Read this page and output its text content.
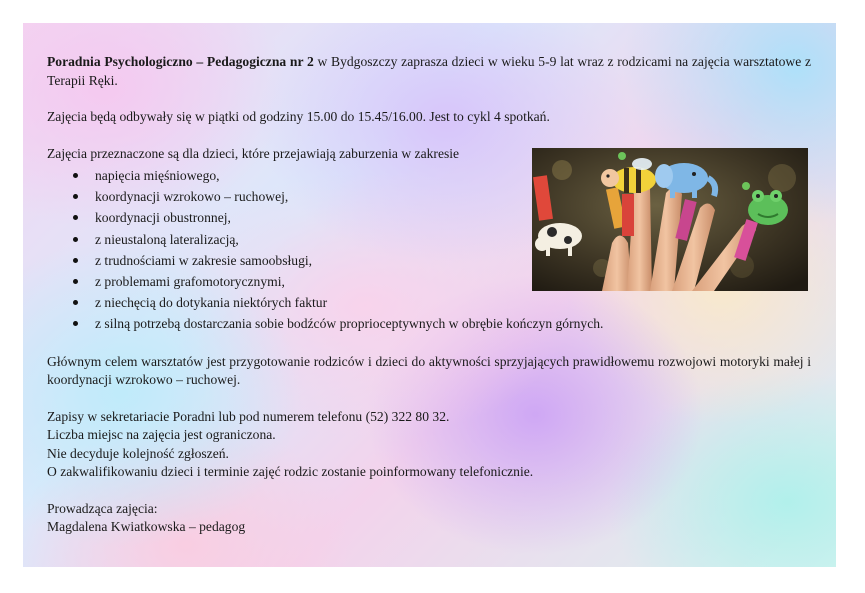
Poradnia Psychologiczno – Pedagogiczna nr 2 w Bydgoszczy zaprasza dzieci w wieku 5-9 lat wraz z rodzicami na zajęcia warsztatowe z Terapii Ręki.

Zajęcia będą odbywały się w piątki od godziny 15.00 do 15.45/16.00. Jest to cykl 4 spotkań.

Zajęcia przeznaczone są dla dzieci, które przejawiają zaburzenia w zakresie
napięcia mięśniowego,
koordynacji wzrokowo – ruchowej,
koordynacji obustronnej,
z nieustaloną lateralizacją,
z trudnościami w zakresie samoobsługi,
z problemami grafomotorycznymi,
z niechęcią do dotykania niektórych faktur
z silną potrzebą dostarczania sobie bodźców proprioceptywnych w obrębie kończyn górnych.

Głównym celem warsztatów jest przygotowanie rodziców i dzieci do aktywności sprzyjających prawidłowemu rozwojowi motoryki małej i koordynacji wzrokowo – ruchowej.

Zapisy w sekretariacie Poradni lub pod numerem telefonu (52) 322 80 32.

Liczba miejsc na zajęcia jest ograniczona.

Nie decyduje kolejność zgłoszeń.

O zakwalifikowaniu dzieci i terminie zajęć rodzic zostanie poinformowany telefonicznie.

Prowadząca zajęcia:

Magdalena Kwiatkowska – pedagog
